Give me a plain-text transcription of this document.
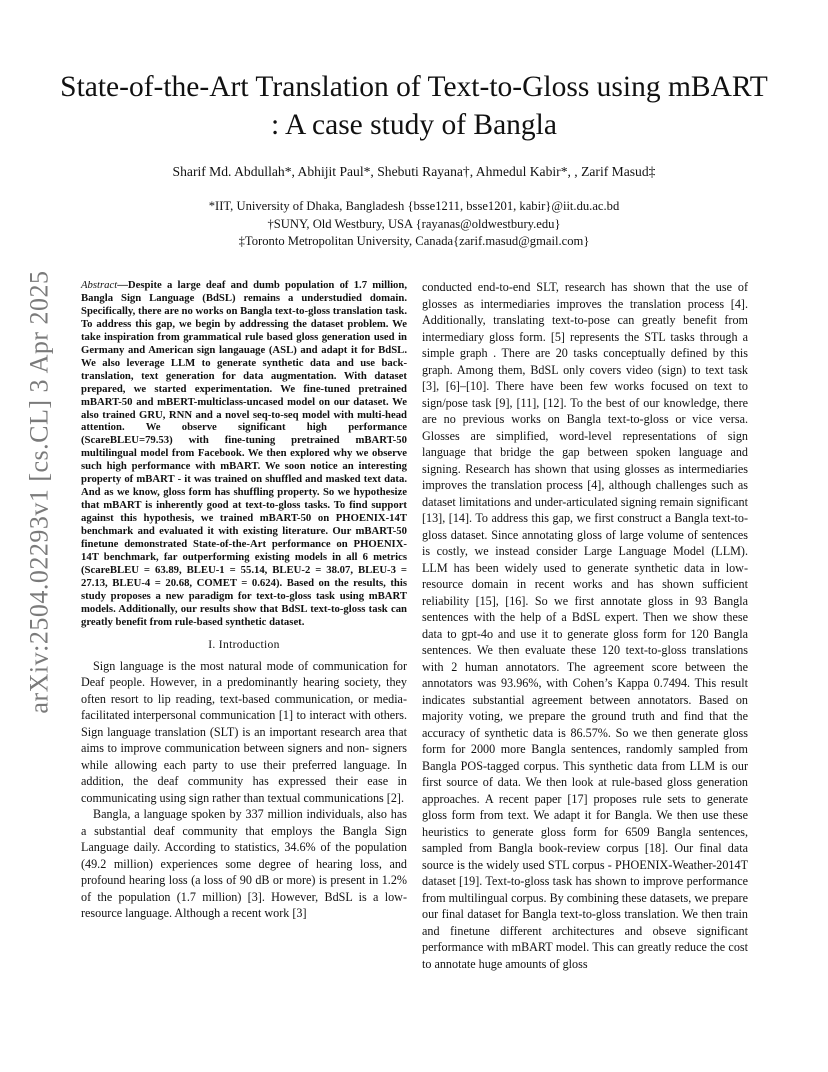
arXiv:2504.02293v1 [cs.CL] 3 Apr 2025
State-of-the-Art Translation of Text-to-Gloss using mBART : A case study of Bangla
Sharif Md. Abdullah*, Abhijit Paul*, Shebuti Rayana†, Ahmedul Kabir*, , Zarif Masud‡
*IIT, University of Dhaka, Bangladesh {bsse1211, bsse1201, kabir}@iit.du.ac.bd
†SUNY, Old Westbury, USA {rayanas@oldwestbury.edu}
‡Toronto Metropolitan University, Canada{zarif.masud@gmail.com}

Abstract—Despite a large deaf and dumb population of 1.7 million, Bangla Sign Language (BdSL) remains a understudied domain. Specifically, there are no works on Bangla text-to-gloss translation task. To address this gap, we begin by addressing the dataset problem. We take inspiration from grammatical rule based gloss generation used in Germany and American sign langauage (ASL) and adapt it for BdSL. We also leverage LLM to generate synthetic data and use back-translation, text generation for data augmentation. With dataset prepared, we started experimentation. We fine-tuned pretrained mBART-50 and mBERT-multiclass-uncased model on our dataset. We also trained GRU, RNN and a novel seq-to-seq model with multi-head attention. We observe significant high performance (ScareBLEU=79.53) with fine-tuning pretrained mBART-50 multilingual model from Facebook. We then explored why we observe such high performance with mBART. We soon notice an interesting property of mBART - it was trained on shuffled and masked text data. And as we know, gloss form has shuffling property. So we hypothesize that mBART is inherently good at text-to-gloss tasks. To find support against this hypothesis, we trained mBART-50 on PHOENIX-14T benchmark and evaluated it with existing literature. Our mBART-50 finetune demonstrated State-of-the-Art performance on PHOENIX-14T benchmark, far outperforming existing models in all 6 metrics (ScareBLEU = 63.89, BLEU-1 = 55.14, BLEU-2 = 38.07, BLEU-3 = 27.13, BLEU-4 = 20.68, COMET = 0.624). Based on the results, this study proposes a new paradigm for text-to-gloss task using mBART models. Additionally, our results show that BdSL text-to-gloss task can greatly benefit from rule-based synthetic dataset.

I. Introduction

Sign language is the most natural mode of communication for Deaf people. However, in a predominantly hearing society, they often resort to lip reading, text-based communication, or media-facilitated interpersonal communication [1] to interact with others. Sign language translation (SLT) is an important research area that aims to improve communication between signers and non- signers while allowing each party to use their preferred language. In addition, the deaf community has expressed their ease in communicating using sign rather than textual communications [2].

Bangla, a language spoken by 337 million individuals, also has a substantial deaf community that employs the Bangla Sign Language daily. According to statistics, 34.6% of the population (49.2 million) experiences some degree of hearing loss, and profound hearing loss (a loss of 90 dB or more) is present in 1.2% of the population (1.7 million) [3]. However, BdSL is a low-resource language. Although a recent work [3]

conducted end-to-end SLT, research has shown that the use of glosses as intermediaries improves the translation process [4]. Additionally, translating text-to-pose can greatly benefit from intermediary gloss form. [5] represents the STL tasks through a simple graph . There are 20 tasks conceptually defined by this graph. Among them, BdSL only covers video (sign) to text task [3], [6]–[10]. There have been few works focused on text to sign/pose task [9], [11], [12]. To the best of our knowledge, there are no previous works on Bangla text-to-gloss or vice versa. Glosses are simplified, word-level representations of sign language that bridge the gap between spoken language and signing. Research has shown that using glosses as intermediaries improves the translation process [4], although challenges such as dataset limitations and under-articulated signing remain significant [13], [14]. To address this gap, we first construct a Bangla text-to-gloss dataset. Since annotating gloss of large volume of sentences is costly, we instead consider Large Language Model (LLM). LLM has been widely used to generate synthetic data in low-resource domain in recent works and has shown sufficient reliability [15], [16]. So we first annotate gloss in 93 Bangla sentences with the help of a BdSL expert. Then we show these data to gpt-4o and use it to generate gloss form for 120 Bangla sentences. We then evaluate these 120 text-to-gloss translations with 2 human annotators. The agreement score between the annotators was 93.96%, with Cohen’s Kappa 0.7494. This result indicates substantial agreement between annotators. Based on majority voting, we prepare the ground truth and find that the accuracy of synthetic data is 86.57%. So we then generate gloss form for 2000 more Bangla sentences, randomly sampled from Bangla POS-tagged corpus. This synthetic data from LLM is our first source of data. We then look at rule-based gloss generation approaches. A recent paper [17] proposes rule sets to generate gloss form from text. We adapt it for Bangla. We then use these heuristics to generate gloss form for 6509 Bangla sentences, sampled from Bangla book-review corpus [18]. Our final data source is the widely used STL corpus - PHOENIX-Weather-2014T dataset [19]. Text-to-gloss task has shown to improve performance from multilingual corpus. By combining these datasets, we prepare our final dataset for Bangla text-to-gloss translation. We then train and finetune different architectures and obseve significant performance with mBART model. This can greatly reduce the cost to annotate huge amounts of gloss
